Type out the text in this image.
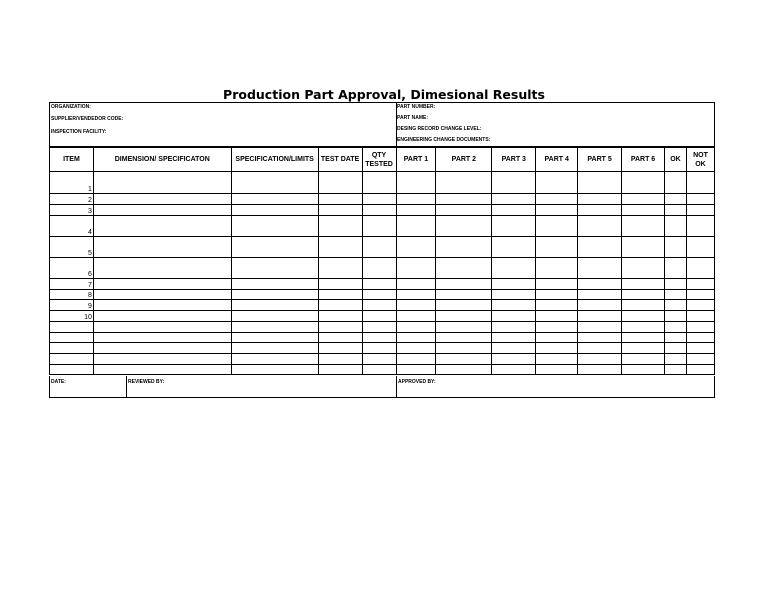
Production Part Approval, Dimesional Results
ORGANIZATION:
SUPPLIER/VENDEDOR CODE:
INSPECTION FACILITY:
PART NUMBER:
PART NAME:
DESING RECORD CHANGE LEVEL:
ENGINEERING CHANGE DOCUMENTS:
ITEM	DIMENSION/ SPECIFICATON	SPECIFICATION/LIMITS	TEST DATE	QTY TESTED	PART 1	PART 2	PART 3	PART 4	PART 5	PART 6	OK	NOT OK
1												
2												
3												
4												
5												
6												
7												
8												
9												
10												

DATE:	REVIEWED BY:	APPROVED BY:
